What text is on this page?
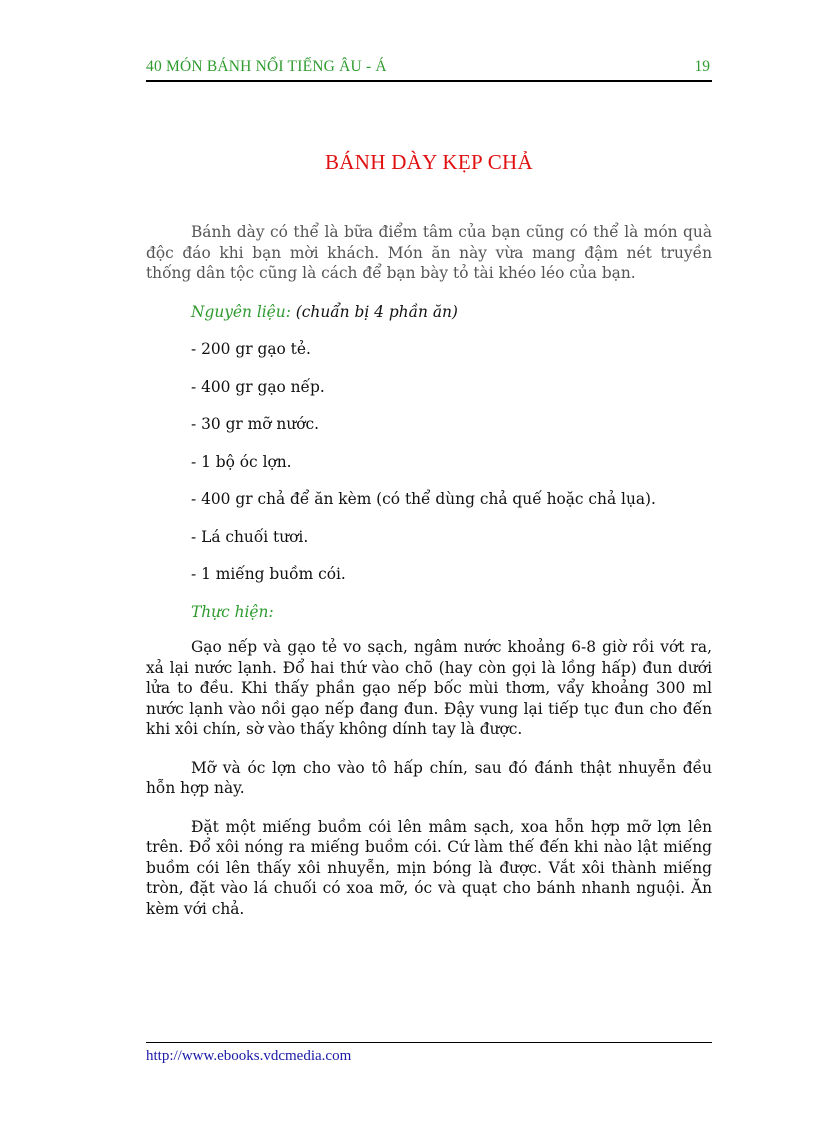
40 MÓN BÁNH NỔI TIẾNG ÂU - Á	19
BÁNH DÀY KẸP CHẢ

Bánh dày có thể là bữa điểm tâm của bạn cũng có thể là món quà độc đáo khi bạn mời khách. Món ăn này vừa mang đậm nét truyền thống dân tộc cũng là cách để bạn bày tỏ tài khéo léo của bạn.

Nguyên liệu: (chuẩn bị 4 phần ăn)

- 200 gr gạo tẻ.
- 400 gr gạo nếp.
- 30 gr mỡ nước.
- 1 bộ óc lợn.
- 400 gr chả để ăn kèm (có thể dùng chả quế hoặc chả lụa).
- Lá chuối tươi.
- 1 miếng buồm cói.

Thực hiện:

Gạo nếp và gạo tẻ vo sạch, ngâm nước khoảng 6-8 giờ rồi vớt ra, xả lại nước lạnh. Đổ hai thứ vào chõ (hay còn gọi là lồng hấp) đun dưới lửa to đều. Khi thấy phần gạo nếp bốc mùi thơm, vẩy khoảng 300 ml nước lạnh vào nồi gạo nếp đang đun. Đậy vung lại tiếp tục đun cho đến khi xôi chín, sờ vào thấy không dính tay là được.

Mỡ và óc lợn cho vào tô hấp chín, sau đó đánh thật nhuyễn đều hỗn hợp này.

Đặt một miếng buồm cói lên mâm sạch, xoa hỗn hợp mỡ lợn lên trên. Đổ xôi nóng ra miếng buồm cói. Cứ làm thế đến khi nào lật miếng buồm cói lên thấy xôi nhuyễn, mịn bóng là được. Vắt xôi thành miếng tròn, đặt vào lá chuối có xoa mỡ, óc và quạt cho bánh nhanh nguội. Ăn kèm với chả.

http://www.ebooks.vdcmedia.com
